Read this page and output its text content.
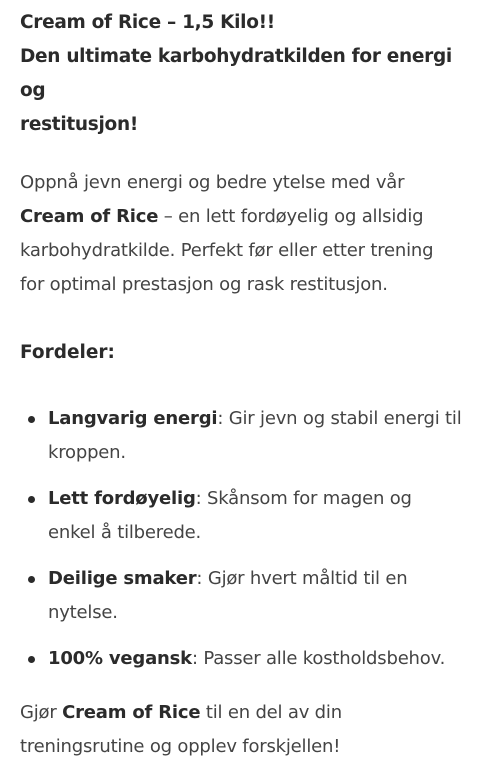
Cream of Rice – 1,5 Kilo!!
Den ultimate karbohydratkilden for energi og
restitusjon!

Oppnå jevn energi og bedre ytelse med vår
Cream of Rice – en lett fordøyelig og allsidig
karbohydratkilde. Perfekt før eller etter trening
for optimal prestasjon og rask restitusjon.

Fordeler:
Langvarig energi: Gir jevn og stabil energi til
kroppen.
Lett fordøyelig: Skånsom for magen og
enkel å tilberede.
Deilige smaker: Gjør hvert måltid til en
nytelse.
100% vegansk: Passer alle kostholdsbehov.

Gjør Cream of Rice til en del av din
treningsrutine og opplev forskjellen!
